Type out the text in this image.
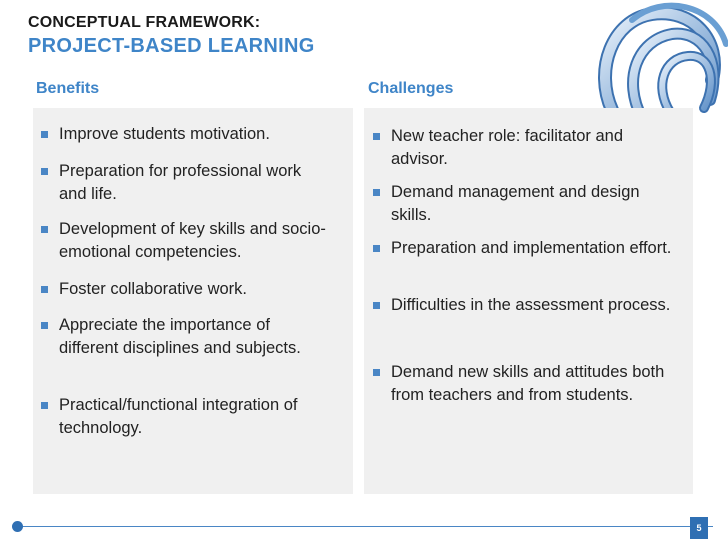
CONCEPTUAL FRAMEWORK:
PROJECT-BASED LEARNING
Benefits	Challenges
Improve students motivation.
Preparation for professional work and life.
Development of key skills and socio-emotional competencies.
Foster collaborative work.
Appreciate the importance of different disciplines and subjects.
Practical/functional integration of technology.
New teacher role: facilitator and advisor.
Demand management and design skills.
Preparation and implementation effort.
Difficulties in the assessment process.
Demand new skills and attitudes both from teachers and from students.
5
